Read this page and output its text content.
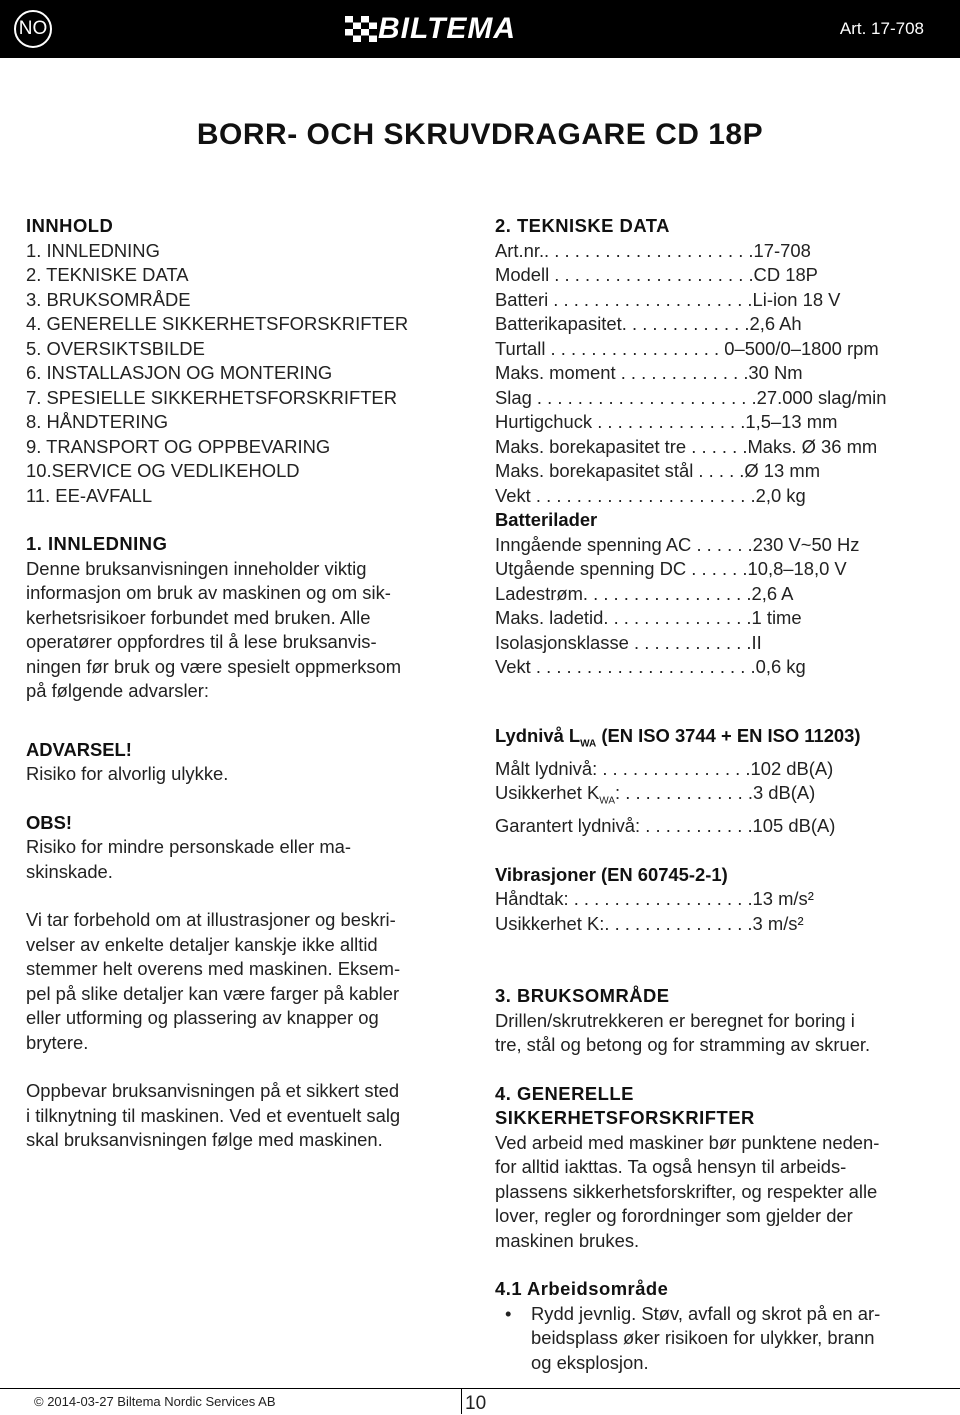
NO	BILTEMA	Art. 17-708
BORR- OCH SKRUVDRAGARE CD 18P
INNHOLD
1. INNLEDNING
2. TEKNISKE DATA
3. BRUKSOMRÅDE
4. GENERELLE SIKKERHETSFORSKRIFTER
5. OVERSIKTSBILDE
6. INSTALLASJON OG MONTERING
7. SPESIELLE SIKKERHETSFORSKRIFTER
8. HÅNDTERING
9. TRANSPORT OG OPPBEVARING
10.SERVICE OG VEDLIKEHOLD
11. EE-AVFALL
1. INNLEDNING

Denne bruksanvisningen inneholder viktig

informasjon om bruk av maskinen og om sik-

kerhetsrisikoer forbundet med bruken. Alle

operatører oppfordres til å lese bruksanvis-

ningen før bruk og være spesielt oppmerksom

på følgende advarsler:

ADVARSEL!

Risiko for alvorlig ulykke.

OBS!

Risiko for mindre personskade eller ma-

skinskade.

Vi tar forbehold om at illustrasjoner og beskri-

velser av enkelte detaljer kanskje ikke alltid

stemmer helt overens med maskinen. Eksem-

pel på slike detaljer kan være farger på kabler

eller utforming og plassering av knapper og

brytere.

Oppbevar bruksanvisningen på et sikkert sted

i tilknytning til maskinen. Ved et eventuelt salg

skal bruksanvisningen følge med maskinen.

2. TEKNISKE DATA
Art.nr.. . . . . . . . . . . . . . . . . . . . .17-708
Modell . . . . . . . . . . . . . . . . . . . .CD 18P
Batteri . . . . . . . . . . . . . . . . . . . .Li-ion 18 V
Batterikapasitet. . . . . . . . . . . . .2,6 Ah
Turtall . . . . . . . . . . . . . . . . . 0–500/0–1800 rpm
Maks. moment . . . . . . . . . . . . .30 Nm
Slag . . . . . . . . . . . . . . . . . . . . . .27.000 slag/min
Hurtigchuck . . . . . . . . . . . . . . .1,5–13 mm
Maks. borekapasitet tre . . . . . .Maks. Ø 36 mm
Maks. borekapasitet stål . . . . .Ø 13 mm
Vekt . . . . . . . . . . . . . . . . . . . . . .2,0 kg
Batterilader
Inngående spenning AC . . . . . .230 V~50 Hz
Utgående spenning DC . . . . . .10,8–18,0 V
Ladestrøm. . . . . . . . . . . . . . . . .2,6 A
Maks. ladetid. . . . . . . . . . . . . . .1 time
Isolasjonsklasse . . . . . . . . . . . .II
Vekt . . . . . . . . . . . . . . . . . . . . . .0,6 kg
Lydnivå $L_{WA}$ (EN ISO 3744 + EN ISO 11203)
Målt lydnivå: . . . . . . . . . . . . . . .102 dB(A)
Usikkerhet $K_{WA}$: . . . . . . . . . . . . .3 dB(A)
Garantert lydnivå: . . . . . . . . . . .105 dB(A)
Vibrasjoner (EN 60745-2-1)
Håndtak: . . . . . . . . . . . . . . . . . .13 m/s²
Usikkerhet K:. . . . . . . . . . . . . . .3 m/s²
3. BRUKSOMRÅDE

Drillen/skrutrekkeren er beregnet for boring i

tre, stål og betong og for stramming av skruer.

4. GENERELLE
SIKKERHETSFORSKRIFTER

Ved arbeid med maskiner bør punktene neden-

for alltid iakttas. Ta også hensyn til arbeids-

plassens sikkerhetsforskrifter, og respekter alle

lover, regler og forordninger som gjelder der

maskinen brukes.

4.1 Arbeidsområde
• Rydd jevnlig. Støv, avfall og skrot på en ar-

beidsplass øker risikoen for ulykker, brann

og eksplosjon.

© 2014-03-27 Biltema Nordic Services AB	10
